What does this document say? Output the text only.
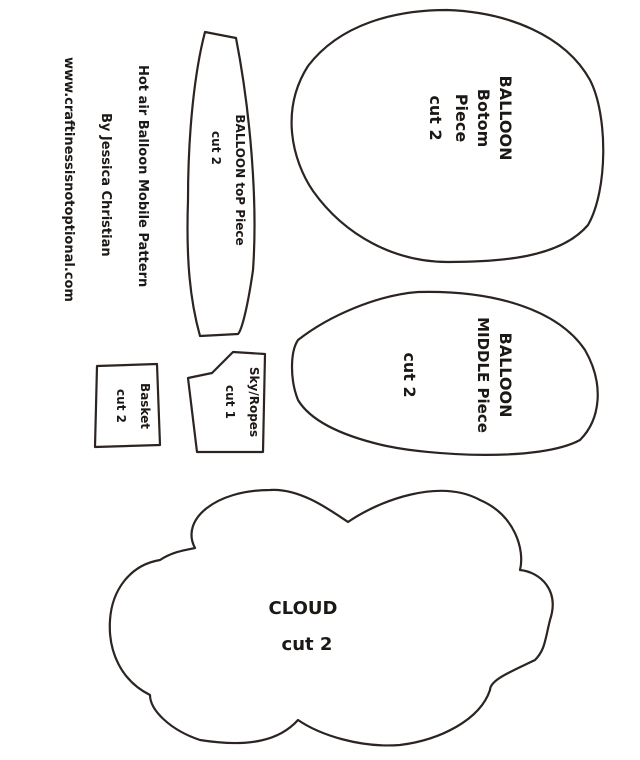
BALLOON
Botom
Piece
cut 2
BALLOON
MIDDLE Piece
cut 2
BALLOON toP Piece
cut 2
Sky/Ropes
cut 1
Basket
cut 2
CLOUD
cut 2
www.craftinessisnotoptional.com	Hot air Balloon Mobile Pattern
By Jessica Christian
